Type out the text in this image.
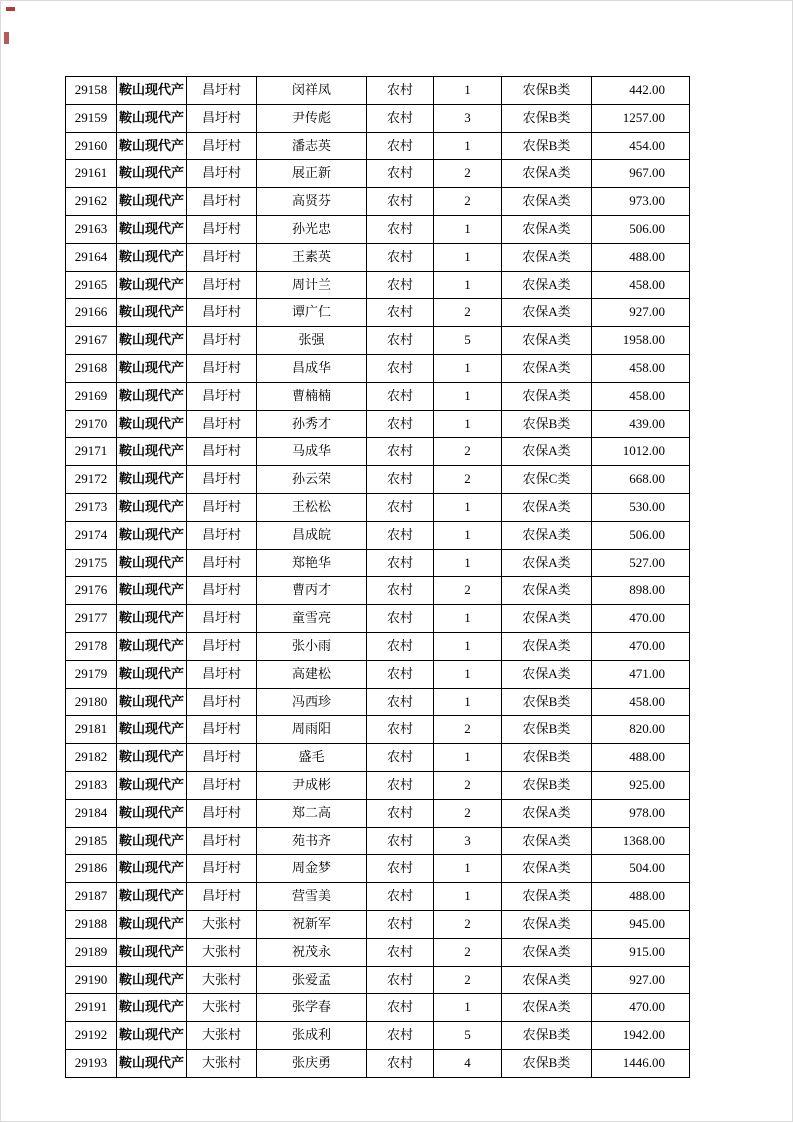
29158	鞍山现代产	昌圩村	闵祥凤	农村	1	农保B类	442.00
29159	鞍山现代产	昌圩村	尹传彪	农村	3	农保B类	1257.00
29160	鞍山现代产	昌圩村	潘志英	农村	1	农保B类	454.00
29161	鞍山现代产	昌圩村	展正新	农村	2	农保A类	967.00
29162	鞍山现代产	昌圩村	高贤芬	农村	2	农保A类	973.00
29163	鞍山现代产	昌圩村	孙光忠	农村	1	农保A类	506.00
29164	鞍山现代产	昌圩村	王素英	农村	1	农保A类	488.00
29165	鞍山现代产	昌圩村	周计兰	农村	1	农保A类	458.00
29166	鞍山现代产	昌圩村	谭广仁	农村	2	农保A类	927.00
29167	鞍山现代产	昌圩村	张强	农村	5	农保A类	1958.00
29168	鞍山现代产	昌圩村	昌成华	农村	1	农保A类	458.00
29169	鞍山现代产	昌圩村	曹楠楠	农村	1	农保A类	458.00
29170	鞍山现代产	昌圩村	孙秀才	农村	1	农保B类	439.00
29171	鞍山现代产	昌圩村	马成华	农村	2	农保A类	1012.00
29172	鞍山现代产	昌圩村	孙云荣	农村	2	农保C类	668.00
29173	鞍山现代产	昌圩村	王松松	农村	1	农保A类	530.00
29174	鞍山现代产	昌圩村	昌成皖	农村	1	农保A类	506.00
29175	鞍山现代产	昌圩村	郑艳华	农村	1	农保A类	527.00
29176	鞍山现代产	昌圩村	曹丙才	农村	2	农保A类	898.00
29177	鞍山现代产	昌圩村	童雪亮	农村	1	农保A类	470.00
29178	鞍山现代产	昌圩村	张小雨	农村	1	农保A类	470.00
29179	鞍山现代产	昌圩村	高建松	农村	1	农保A类	471.00
29180	鞍山现代产	昌圩村	冯西珍	农村	1	农保B类	458.00
29181	鞍山现代产	昌圩村	周雨阳	农村	2	农保B类	820.00
29182	鞍山现代产	昌圩村	盛毛	农村	1	农保B类	488.00
29183	鞍山现代产	昌圩村	尹成彬	农村	2	农保B类	925.00
29184	鞍山现代产	昌圩村	郑二高	农村	2	农保A类	978.00
29185	鞍山现代产	昌圩村	苑书齐	农村	3	农保A类	1368.00
29186	鞍山现代产	昌圩村	周金梦	农村	1	农保A类	504.00
29187	鞍山现代产	昌圩村	营雪美	农村	1	农保A类	488.00
29188	鞍山现代产	大张村	祝新军	农村	2	农保A类	945.00
29189	鞍山现代产	大张村	祝茂永	农村	2	农保A类	915.00
29190	鞍山现代产	大张村	张爱孟	农村	2	农保A类	927.00
29191	鞍山现代产	大张村	张学春	农村	1	农保A类	470.00
29192	鞍山现代产	大张村	张成利	农村	5	农保B类	1942.00
29193	鞍山现代产	大张村	张庆勇	农村	4	农保B类	1446.00
